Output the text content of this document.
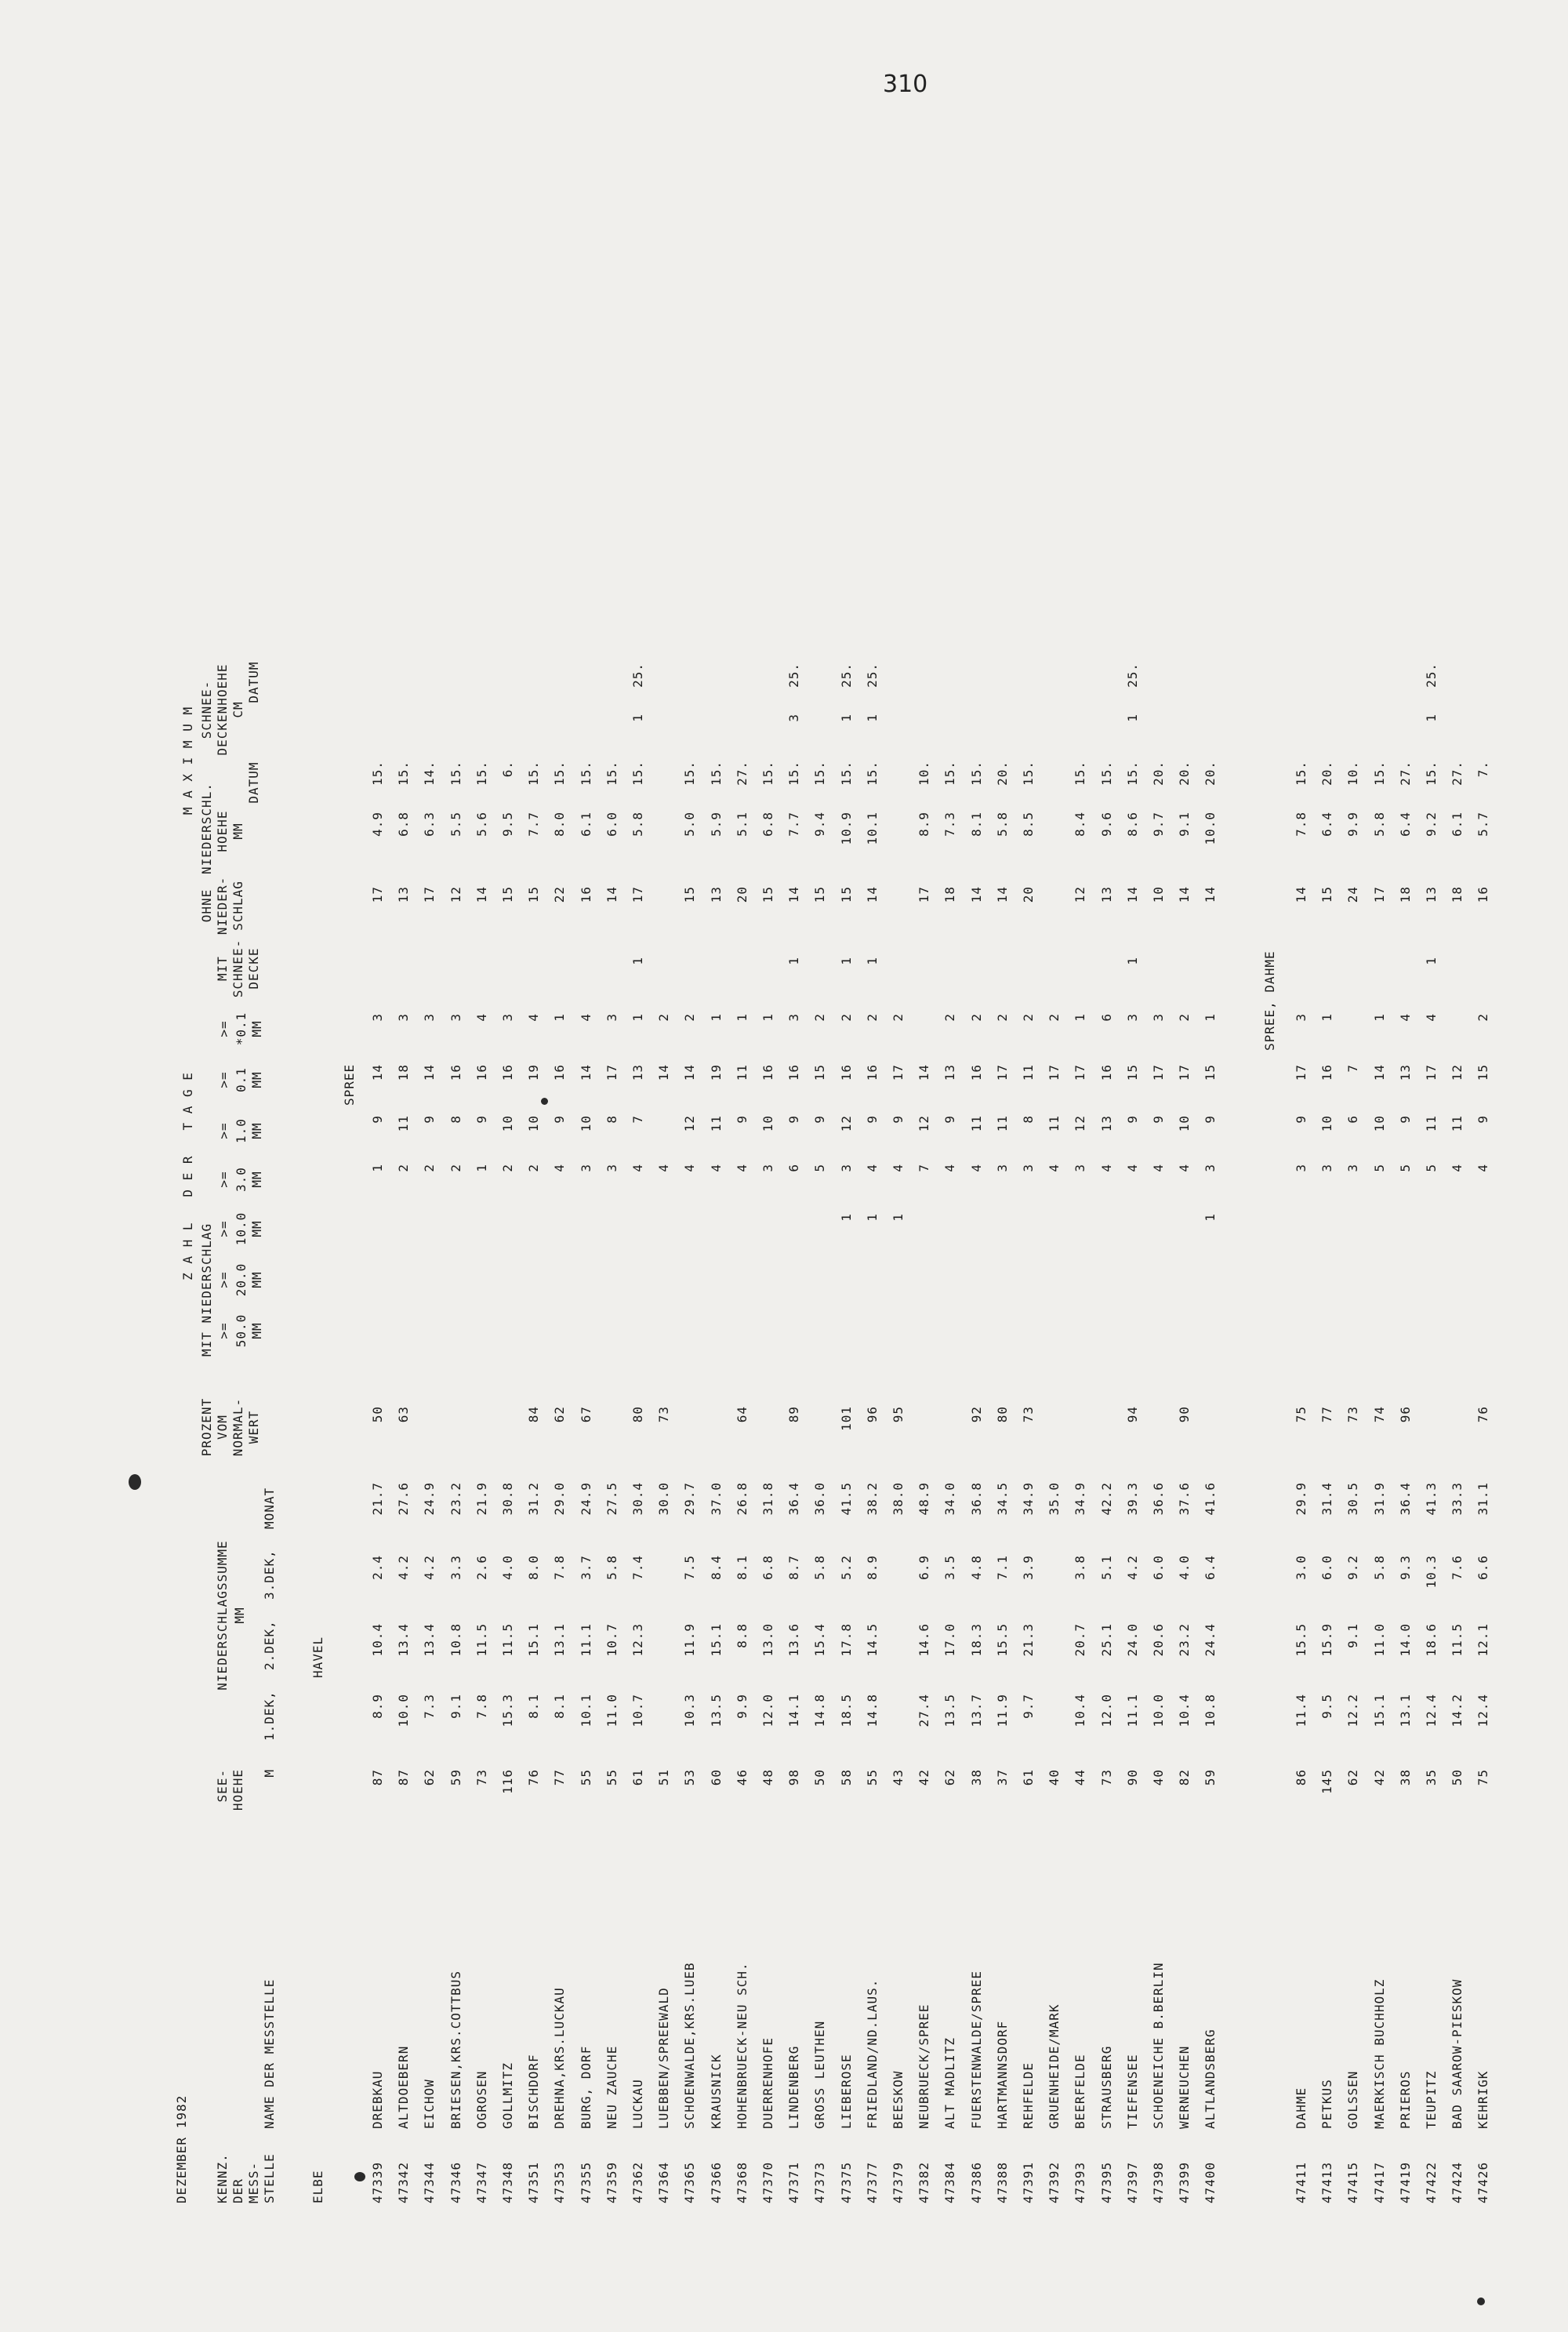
310
DEZEMBER 1982 KENNZ. DER MESS- STELLE
NAME DER MESSTELLE
SEE- HOEHE M
NIEDERSCHLAGSSUMME MM
1.DEK,
2.DEK,
3.DEK,
MONAT
PROZENT VOM NORMAL- WERT
Z A H L   D E R   T A G E
MIT NIEDERSCHLAG >= 50.0 MM
>= 20.0 MM
>= 10.0 MM
>= 3.0 MM
>= 1.0 MM
>= 0.1 MM
>= *0.1 MM
MIT SCHNEE- DECKE
OHNE NIEDER- SCHLAG
M A X I M U M
NIEDERSCHL. HOEHE MM
DATUM
SCHNEE- DECKENHOEHE CM
DATUM
ELBE
HAVEL
SPREE
SPREE, DAHME
47339
DREBKAU
87
8.9
10.4
2.4
21.7
50
1
9
14
3
17
4.9
15.
47342
ALTDOEBERN
87
10.0
13.4
4.2
27.6
63
2
11
18
3
13
6.8
15.
47344
EICHOW
62
7.3
13.4
4.2
24.9
2
9
14
3
17
6.3
14.
47346
BRIESEN,KRS.COTTBUS
59
9.1
10.8
3.3
23.2
2
8
16
3
12
5.5
15.
47347
OGROSEN
73
7.8
11.5
2.6
21.9
1
9
16
4
14
5.6
15.
47348
GOLLMITZ
116
15.3
11.5
4.0
30.8
2
10
16
3
15
9.5
6.
47351
BISCHDORF
76
8.1
15.1
8.0
31.2
84
2
10
19
4
15
7.7
15.
47353
DREHNA,KRS.LUCKAU
77
8.1
13.1
7.8
29.0
62
4
9
16
1
22
8.0
15.
47355
BURG, DORF
55
10.1
11.1
3.7
24.9
67
3
10
14
4
16
6.1
15.
47359
NEU ZAUCHE
55
11.0
10.7
5.8
27.5
3
8
17
3
14
6.0
15.
47362
LUCKAU
61
10.7
12.3
7.4
30.4
80
4
7
13
1
1
17
5.8
15.
1
25.
47364
LUEBBEN/SPREEWALD
51
30.0
73
4
14
2
47365
SCHOENWALDE,KRS.LUEB
53
10.3
11.9
7.5
29.7
4
12
14
2
15
5.0
15.
47366
KRAUSNICK
60
13.5
15.1
8.4
37.0
4
11
19
1
13
5.9
15.
47368
HOHENBRUECK-NEU SCH.
46
9.9
8.8
8.1
26.8
64
4
9
11
1
20
5.1
27.
47370
DUERRENHOFE
48
12.0
13.0
6.8
31.8
3
10
16
1
15
6.8
15.
47371
LINDENBERG
98
14.1
13.6
8.7
36.4
89
6
9
16
3
1
14
7.7
15.
3
25.
47373
GROSS LEUTHEN
50
14.8
15.4
5.8
36.0
5
9
15
2
15
9.4
15.
47375
LIEBEROSE
58
18.5
17.8
5.2
41.5
101
1
3
12
16
2
1
15
10.9
15.
1
25.
47377
FRIEDLAND/ND.LAUS.
55
14.8
14.5
8.9
38.2
96
1
4
9
16
2
1
14
10.1
15.
1
25.
47379
BEESKOW
43
38.0
95
1
4
9
17
2
47382
NEUBRUECK/SPREE
42
27.4
14.6
6.9
48.9
7
12
14
17
8.9
10.
47384
ALT MADLITZ
62
13.5
17.0
3.5
34.0
4
9
13
2
18
7.3
15.
47386
FUERSTENWALDE/SPREE
38
13.7
18.3
4.8
36.8
92
4
11
16
2
14
8.1
15.
47388
HARTMANNSDORF
37
11.9
15.5
7.1
34.5
80
3
11
17
2
14
5.8
20.
47391
REHFELDE
61
9.7
21.3
3.9
34.9
73
3
8
11
2
20
8.5
15.
47392
GRUENHEIDE/MARK
40
35.0
4
11
17
2
47393
BEERFELDE
44
10.4
20.7
3.8
34.9
3
12
17
1
12
8.4
15.
47395
STRAUSBERG
73
12.0
25.1
5.1
42.2
4
13
16
6
13
9.6
15.
47397
TIEFENSEE
90
11.1
24.0
4.2
39.3
94
4
9
15
3
1
14
8.6
15.
1
25.
47398
SCHOENEICHE B.BERLIN
40
10.0
20.6
6.0
36.6
4
9
17
3
10
9.7
20.
47399
WERNEUCHEN
82
10.4
23.2
4.0
37.6
90
4
10
17
2
14
9.1
20.
47400
ALTLANDSBERG
59
10.8
24.4
6.4
41.6
1
3
9
15
1
14
10.0
20.
47411
DAHME
86
11.4
15.5
3.0
29.9
75
3
9
17
3
14
7.8
15.
47413
PETKUS
145
9.5
15.9
6.0
31.4
77
3
10
16
1
15
6.4
20.
47415
GOLSSEN
62
12.2
9.1
9.2
30.5
73
3
6
7
24
9.9
10.
47417
MAERKISCH BUCHHOLZ
42
15.1
11.0
5.8
31.9
74
5
10
14
1
17
5.8
15.
47419
PRIEROS
38
13.1
14.0
9.3
36.4
96
5
9
13
4
18
6.4
27.
47422
TEUPITZ
35
12.4
18.6
10.3
41.3
5
11
17
4
1
13
9.2
15.
1
25.
47424
BAD SAAROW-PIESKOW
50
14.2
11.5
7.6
33.3
4
11
12
18
6.1
27.
47426
KEHRIGK
75
12.4
12.1
6.6
31.1
76
4
9
15
2
16
5.7
7.
